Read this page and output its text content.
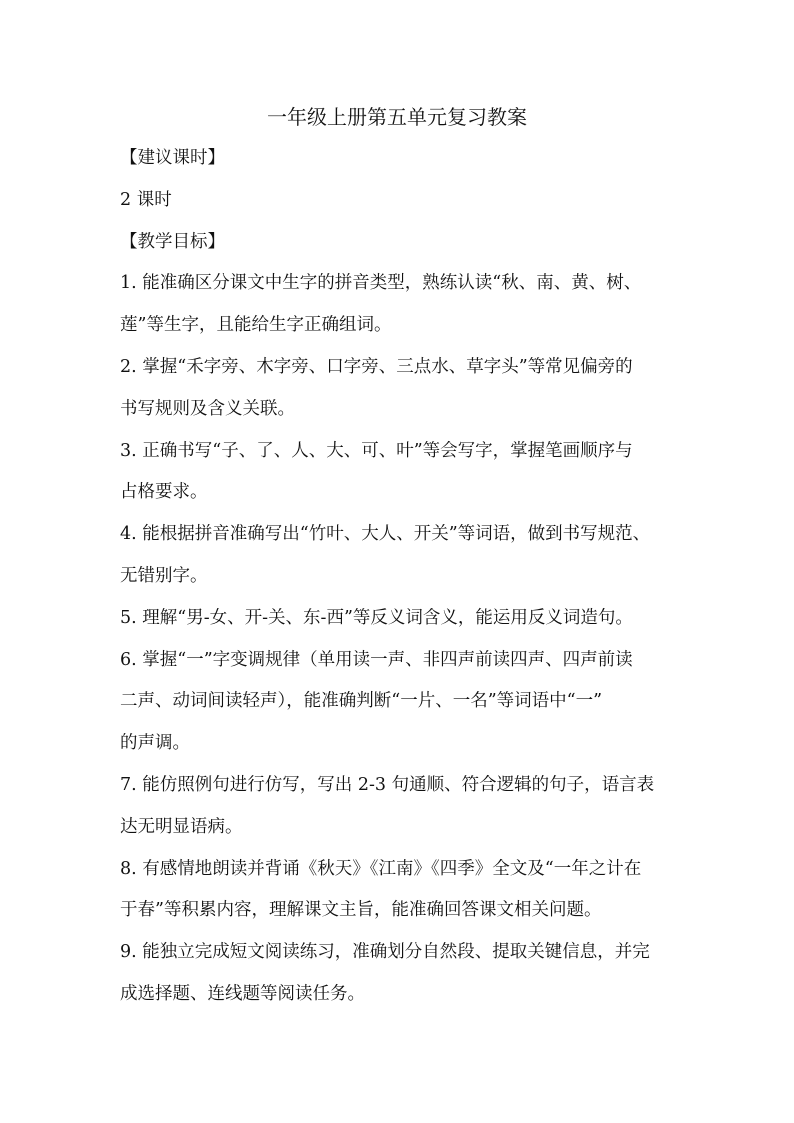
一年级上册第五单元复习教案
【建议课时】
2 课时
【教学目标】
1. 能准确区分课文中生字的拼音类型，熟练认读“秋、南、黄、树、
莲”等生字，且能给生字正确组词。
2. 掌握“禾字旁、木字旁、口字旁、三点水、草字头”等常见偏旁的
书写规则及含义关联。
3. 正确书写“子、了、人、大、可、叶”等会写字，掌握笔画顺序与
占格要求。
4. 能根据拼音准确写出“竹叶、大人、开关”等词语，做到书写规范、
无错别字。
5. 理解“男-女、开-关、东-西”等反义词含义，能运用反义词造句。
6. 掌握“一”字变调规律（单用读一声、非四声前读四声、四声前读
二声、动词间读轻声），能准确判断“一片、一名”等词语中“一”
的声调。
7. 能仿照例句进行仿写，写出 2-3 句通顺、符合逻辑的句子，语言表
达无明显语病。
8. 有感情地朗读并背诵《秋天》《江南》《四季》全文及“一年之计在
于春”等积累内容，理解课文主旨，能准确回答课文相关问题。
9. 能独立完成短文阅读练习，准确划分自然段、提取关键信息，并完
成选择题、连线题等阅读任务。
